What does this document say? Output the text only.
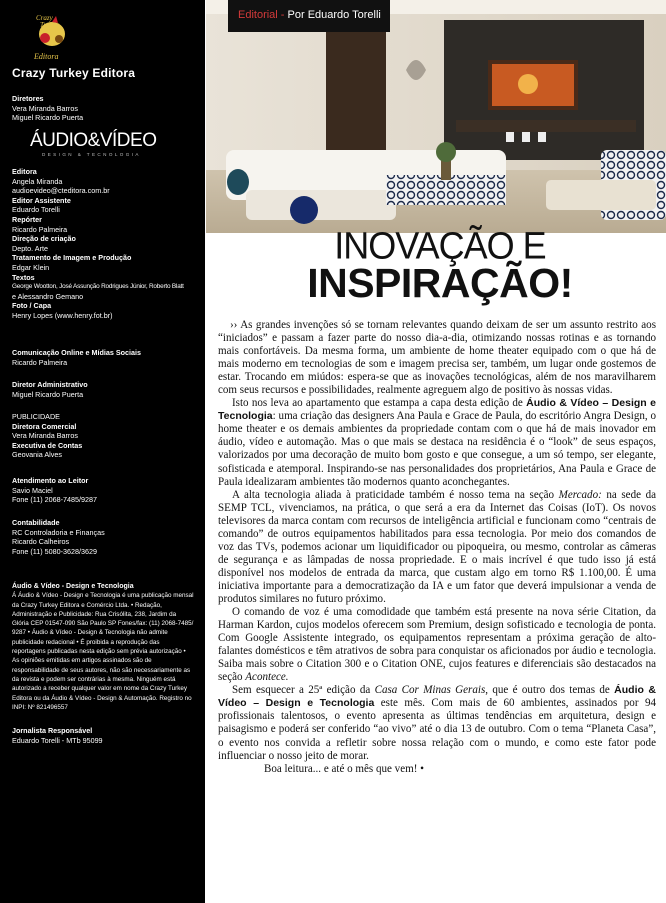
Crazy
Turkey
Editora
Crazy Turkey Editora
Diretores
Vera Miranda Barros
Miguel Ricardo Puerta
ÁUDIO&VÍDEO
DESIGN & TECNOLOGIA
Editora
Angela Miranda
audioevideo@cteditora.com.br
Editor Assistente
Eduardo Torelli
Repórter
Ricardo Palmeira
Direção de criação
Depto. Arte
Tratamento de Imagem e Produção
Edgar Klein
Textos
George Wootton, José Assunção Rodrigues Júnior, Roberto Blatt
e Alessandro Gemano
Foto / Capa
Henry Lopes (www.henry.fot.br)
Comunicação Online e Mídias Sociais
Ricardo Palmeira
Diretor Administrativo
Miguel Ricardo Puerta
PUBLICIDADE
Diretora Comercial
Vera Miranda Barros
Executiva de Contas
Geovania Alves
Atendimento ao Leitor
Savio Maciel
Fone (11) 2068-7485/9287
Contabilidade
RC Controladoria e Finanças
Ricardo Calheiros
Fone (11) 5080-3628/3629
Áudio & Vídeo - Design e Tecnologia
Á Áudio & Vídeo - Design e Tecnologia é uma publicação mensal da Crazy Turkey Editora e Comércio Ltda. • Redação, Administração e Publicidade: Rua Crisólita, 238, Jardim da Glória CEP 01547-090 São Paulo SP Fones/fax: (11) 2068-7485/ 9287 • Áudio & Vídeo - Design & Tecnologia não admite publicidade redacional • É proibida a reprodução das reportagens publicadas nesta edição sem prévia autorização • As opiniões emitidas em artigos assinados são de responsabilidade de seus autores, não são necessariamente as da revista e podem ser contrárias à mesma. Ninguém está autorizado a receber qualquer valor em nome da Crazy Turkey Editora ou da Áudio & Vídeo - Design & Automação. Registro no INPI: Nº 821496557
Jornalista Responsável
Eduardo Torelli - MTb 95099
Editorial - Por Eduardo Torelli
INOVAÇÃO E
INSPIRAÇÃO!

›› As grandes invenções só se tornam relevantes quando deixam de ser um assunto restrito aos “iniciados” e passam a fazer parte do nosso dia-a-dia, otimizando nossas rotinas e as tornando mais confortáveis. Da mesma forma, um ambiente de home theater equipado com o que há de mais moderno em tecnologias de som e imagem precisa ser, também, um lugar onde gostemos de estar. Trocando em miúdos: espera-se que as inovações tecnológicas, além de nos maravilharem com seus recursos e possibilidades, realmente agreguem algo de positivo às nossas vidas.

Isto nos leva ao apartamento que estampa a capa desta edição de Áudio & Vídeo – Design e Tecnologia: uma criação das designers Ana Paula e Grace de Paula, do escritório Angra Design, o home theater e os demais ambientes da propriedade contam com o que há de mais inovador em áudio, vídeo e automação. Mas o que mais se destaca na residência é o “look” de seus espaços, valorizados por uma decoração de muito bom gosto e que consegue, a um só tempo, ser elegante, sofisticada e atemporal. Inspirando-se nas personalidades dos proprietários, Ana Paula e Grace de Paula idealizaram ambientes tão modernos quanto aconchegantes.

A alta tecnologia aliada à praticidade também é nosso tema na seção Mercado: na sede da SEMP TCL, vivenciamos, na prática, o que será a era da Internet das Coisas (IoT). Os novos televisores da marca contam com recursos de inteligência artificial e funcionam como “centrais de comando” de outros equipamentos habilitados para essa tecnologia. Por meio dos comandos de voz das TVs, podemos acionar um liquidificador ou pipoqueira, ou mesmo, controlar as câmeras de segurança e as lâmpadas de nossa propriedade. E o mais incrível é que tudo isso já está disponível nos modelos de entrada da marca, que custam algo em torno R$ 1.100,00. É uma iniciativa importante para a democratização da IA e um fator que deverá impulsionar a venda de produtos similares no futuro próximo.

O comando de voz é uma comodidade que também está presente na nova série Citation, da Harman Kardon, cujos modelos oferecem som Premium, design sofisticado e tecnologia de ponta. Com Google Assistente integrado, os equipamentos representam a próxima geração de alto-falantes domésticos e têm atrativos de sobra para conquistar os aficionados por áudio e tecnologia. Saiba mais sobre o Citation 300 e o Citation ONE, cujos features e diferenciais são destacados na seção Acontece.

Sem esquecer a 25ª edição da Casa Cor Minas Gerais, que é outro dos temas de Áudio & Vídeo – Design e Tecnologia este mês. Com mais de 60 ambientes, assinados por 94 profissionais talentosos, o evento apresenta as últimas tendências em arquitetura, design e paisagismo e poderá ser conferido “ao vivo” até o dia 13 de outubro. Com o tema “Planeta Casa”, o evento nos convida a refletir sobre nossa relação com o mundo, e como este fator pode influenciar o nosso jeito de morar.

Boa leitura... e até o mês que vem! •
